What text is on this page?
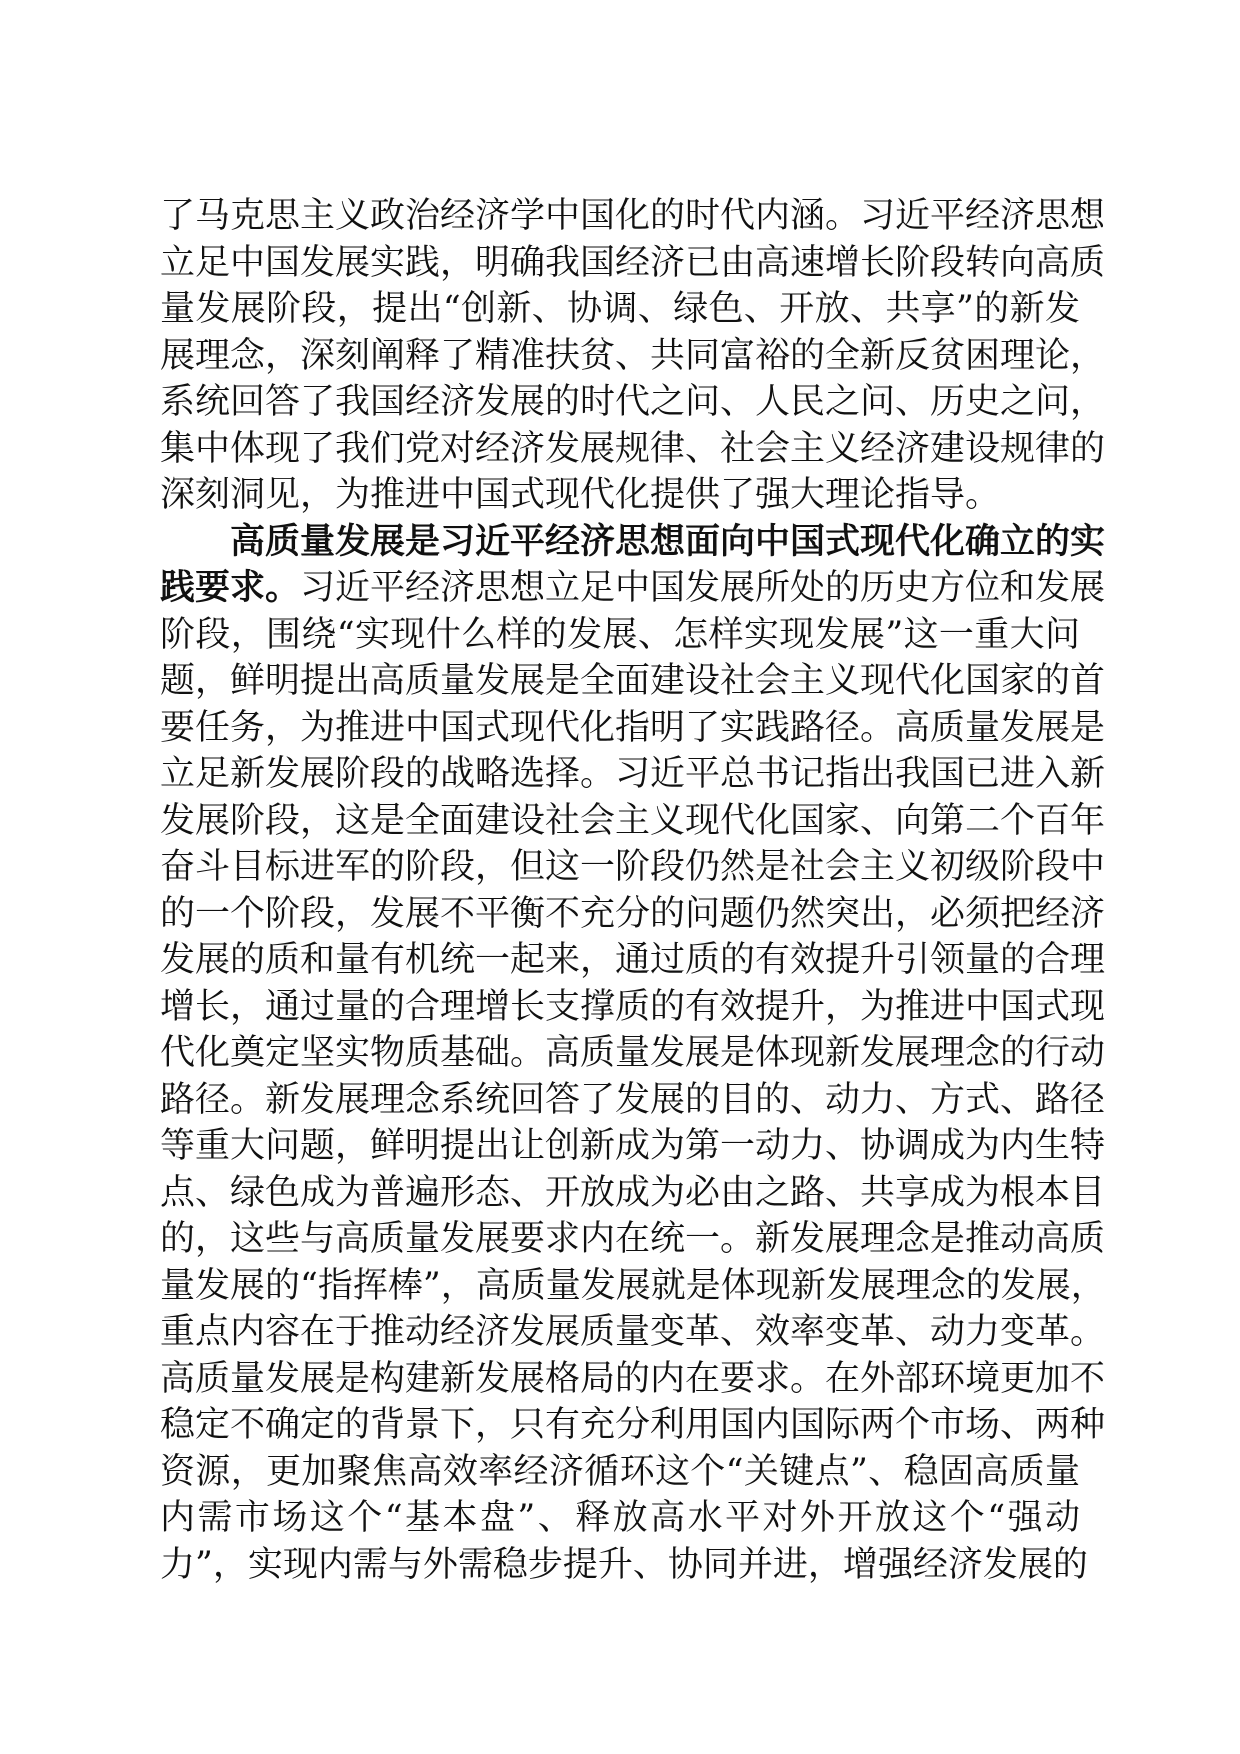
了马克思主义政治经济学中国化的时代内涵。习近平经济思想
立足中国发展实践，明确我国经济已由高速增长阶段转向高质
量发展阶段，提出“创新、协调、绿色、开放、共享”的新发
展理念，深刻阐释了精准扶贫、共同富裕的全新反贫困理论，
系统回答了我国经济发展的时代之问、人民之问、历史之问，
集中体现了我们党对经济发展规律、社会主义经济建设规律的
深刻洞见，为推进中国式现代化提供了强大理论指导。
高质量发展是习近平经济思想面向中国式现代化确立的实
践要求。习近平经济思想立足中国发展所处的历史方位和发展
阶段，围绕“实现什么样的发展、怎样实现发展”这一重大问
题，鲜明提出高质量发展是全面建设社会主义现代化国家的首
要任务，为推进中国式现代化指明了实践路径。高质量发展是
立足新发展阶段的战略选择。习近平总书记指出我国已进入新
发展阶段，这是全面建设社会主义现代化国家、向第二个百年
奋斗目标进军的阶段，但这一阶段仍然是社会主义初级阶段中
的一个阶段，发展不平衡不充分的问题仍然突出，必须把经济
发展的质和量有机统一起来，通过质的有效提升引领量的合理
增长，通过量的合理增长支撑质的有效提升，为推进中国式现
代化奠定坚实物质基础。高质量发展是体现新发展理念的行动
路径。新发展理念系统回答了发展的目的、动力、方式、路径
等重大问题，鲜明提出让创新成为第一动力、协调成为内生特
点、绿色成为普遍形态、开放成为必由之路、共享成为根本目
的，这些与高质量发展要求内在统一。新发展理念是推动高质
量发展的“指挥棒”，高质量发展就是体现新发展理念的发展，
重点内容在于推动经济发展质量变革、效率变革、动力变革。
高质量发展是构建新发展格局的内在要求。在外部环境更加不
稳定不确定的背景下，只有充分利用国内国际两个市场、两种
资源，更加聚焦高效率经济循环这个“关键点”、稳固高质量
内需市场这个“基本盘”、释放高水平对外开放这个“强动
力”，实现内需与外需稳步提升、协同并进，增强经济发展的
